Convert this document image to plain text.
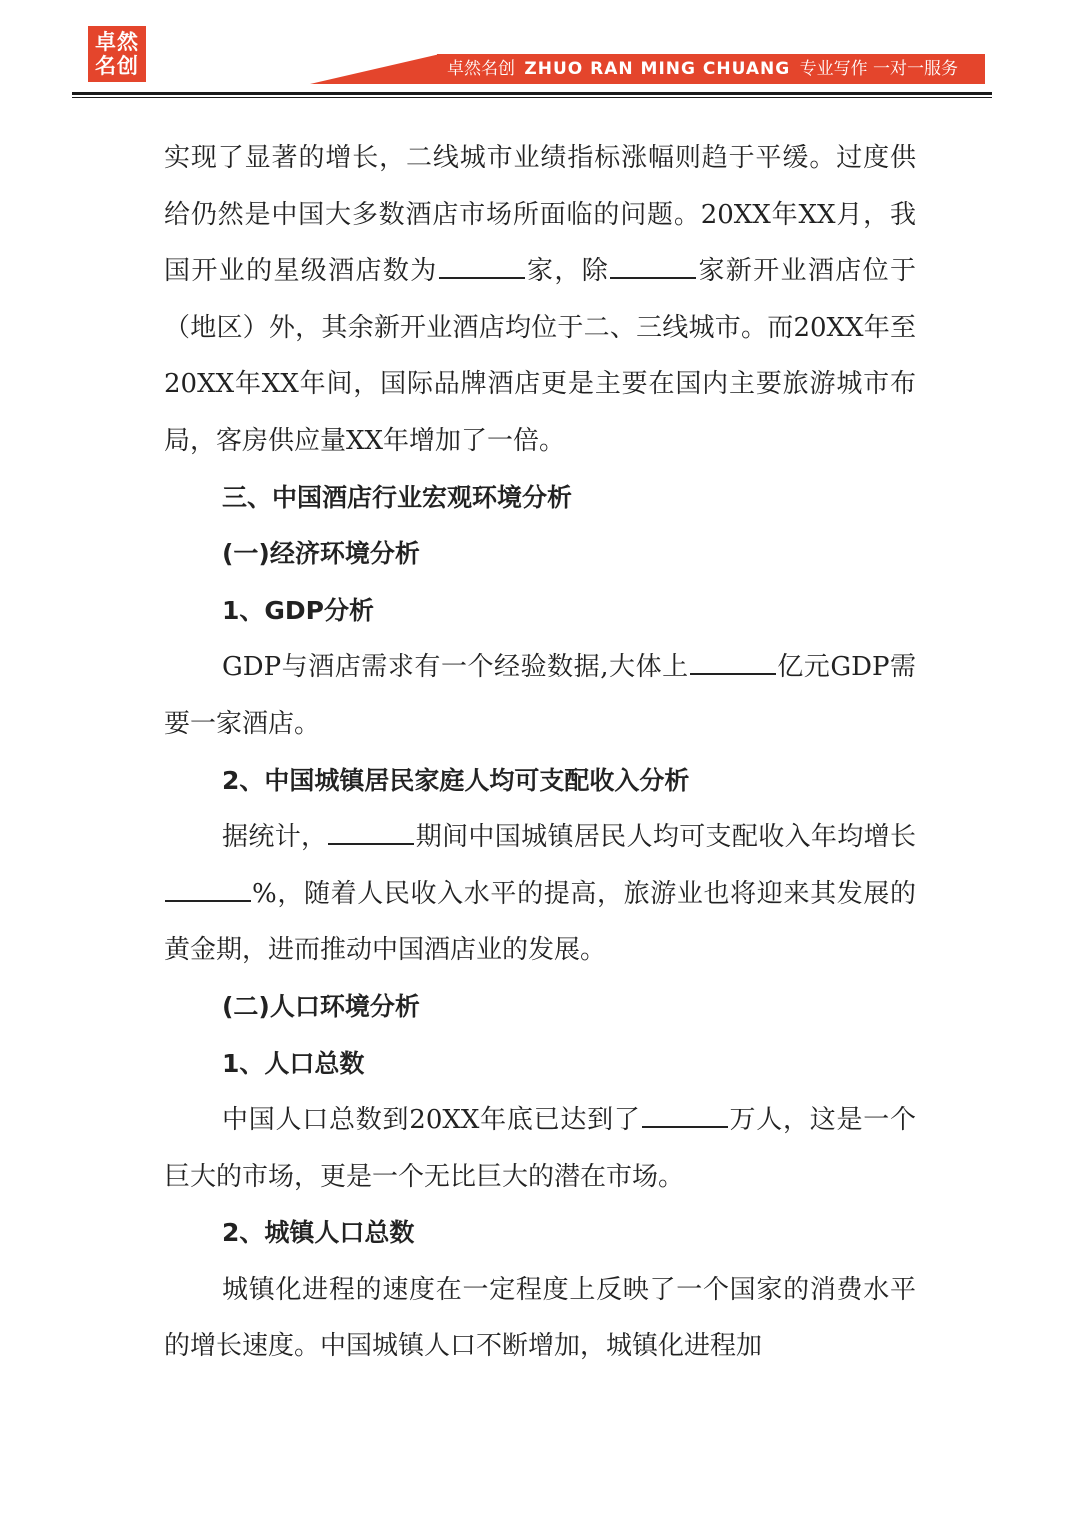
卓然
名创	卓然名创 ZHUO RAN MING CHUANG 专业写作 一对一服务

实现了显著的增长，二线城市业绩指标涨幅则趋于平缓。过度供给仍然是中国大多数酒店市场所面临的问题。20XX年XX月，我国开业的星级酒店数为	家，除	家新开业酒店位于（地区）外，其余新开业酒店均位于二、三线城市。而20XX年至20XX年XX年间，国际品牌酒店更是主要在国内主要旅游城市布局，客房供应量XX年增加了一倍。

三、中国酒店行业宏观环境分析

(一)经济环境分析

1、GDP分析

GDP与酒店需求有一个经验数据,大体上	亿元GDP需要一家酒店。

2、中国城镇居民家庭人均可支配收入分析

据统计，	期间中国城镇居民人均可支配收入年均增长%，随着人民收入水平的提高，旅游业也将迎来其发展的黄金期，进而推动中国酒店业的发展。

(二)人口环境分析

1、人口总数

中国人口总数到20XX年底已达到了	万人，这是一个巨大的市场，更是一个无比巨大的潜在市场。

2、城镇人口总数

城镇化进程的速度在一定程度上反映了一个国家的消费水平的增长速度。中国城镇人口不断增加，城镇化进程加
